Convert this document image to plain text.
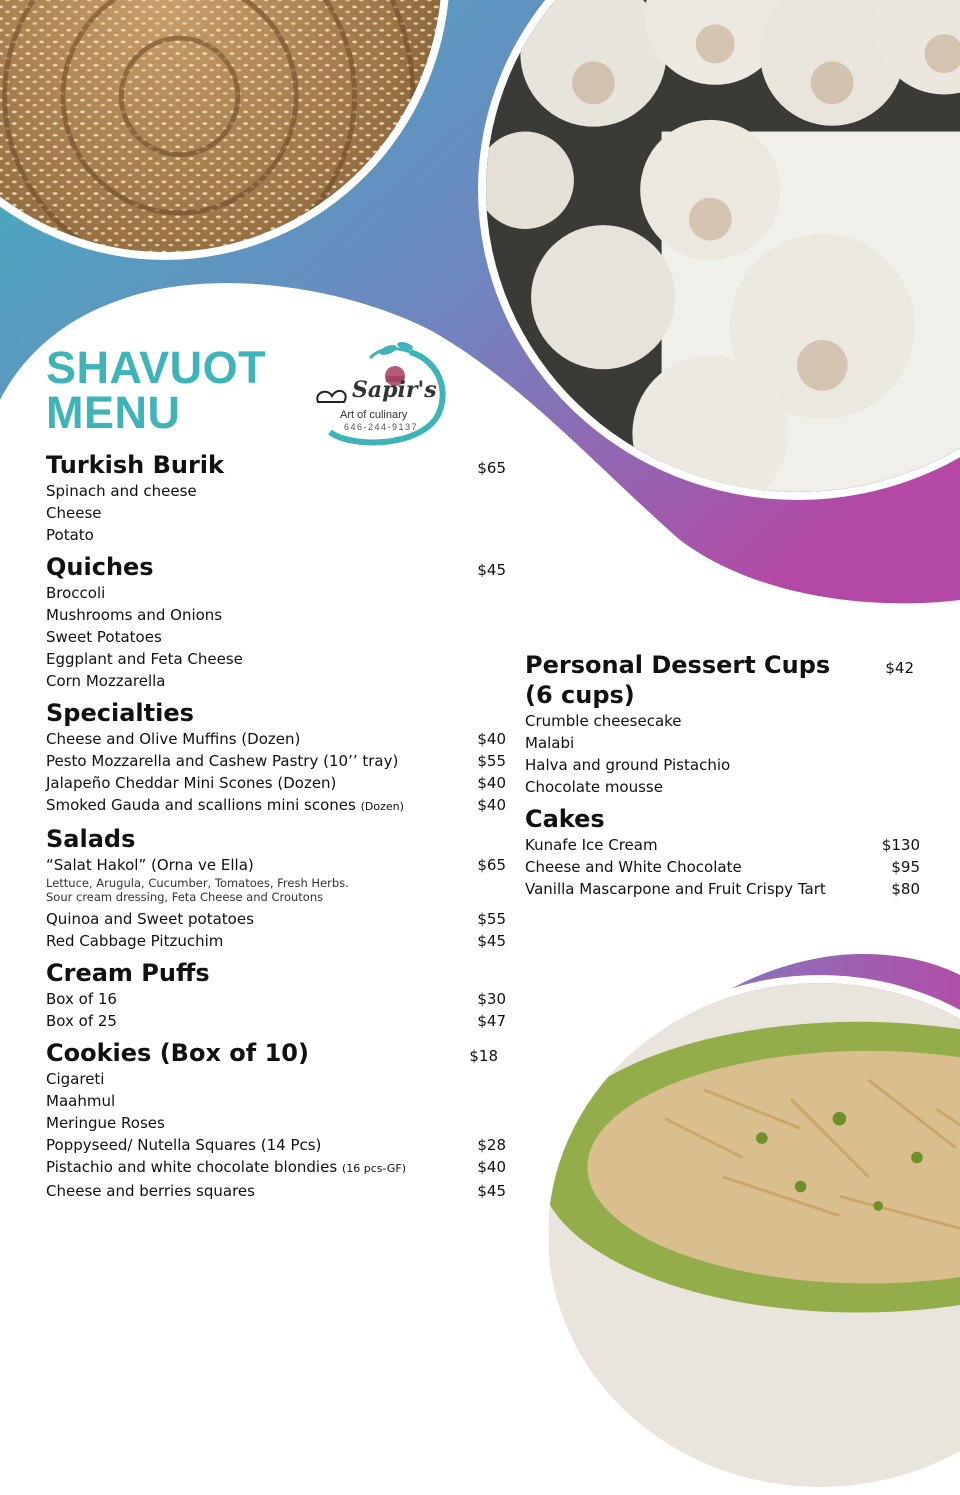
SHAVUOT
MENU	Sapir's
Art of culinary
646-244-9137
Turkish Burik	$65
Spinach and cheese
Cheese
Potato
Quiches	$45
Broccoli
Mushrooms and Onions
Sweet Potatoes
Eggplant and Feta Cheese
Corn Mozzarella
Specialties
Cheese and Olive Muffins (Dozen)	$40
Pesto Mozzarella and Cashew Pastry (10’’ tray)	$55
Jalapeño Cheddar Mini Scones (Dozen)	$40
Smoked Gauda and scallions mini scones (Dozen)	$40
Salads
“Salat Hakol” (Orna ve Ella)	$65
Lettuce, Arugula, Cucumber, Tomatoes, Fresh Herbs.
Sour cream dressing, Feta Cheese and Croutons
Quinoa and Sweet potatoes	$55
Red Cabbage Pitzuchim	$45
Cream Puffs
Box of 16	$30
Box of 25	$47
Cookies (Box of 10)	$18
Cigareti
Maahmul
Meringue Roses
Poppyseed/ Nutella Squares (14 Pcs)	$28
Pistachio and white chocolate blondies (16 pcs-GF)	$40
Cheese and berries squares	$45
Personal Dessert Cups	$42
(6 cups)
Crumble cheesecake
Malabi
Halva and ground Pistachio
Chocolate mousse
Cakes
Kunafe Ice Cream	$130
Cheese and White Chocolate	$95
Vanilla Mascarpone and Fruit Crispy Tart	$80
